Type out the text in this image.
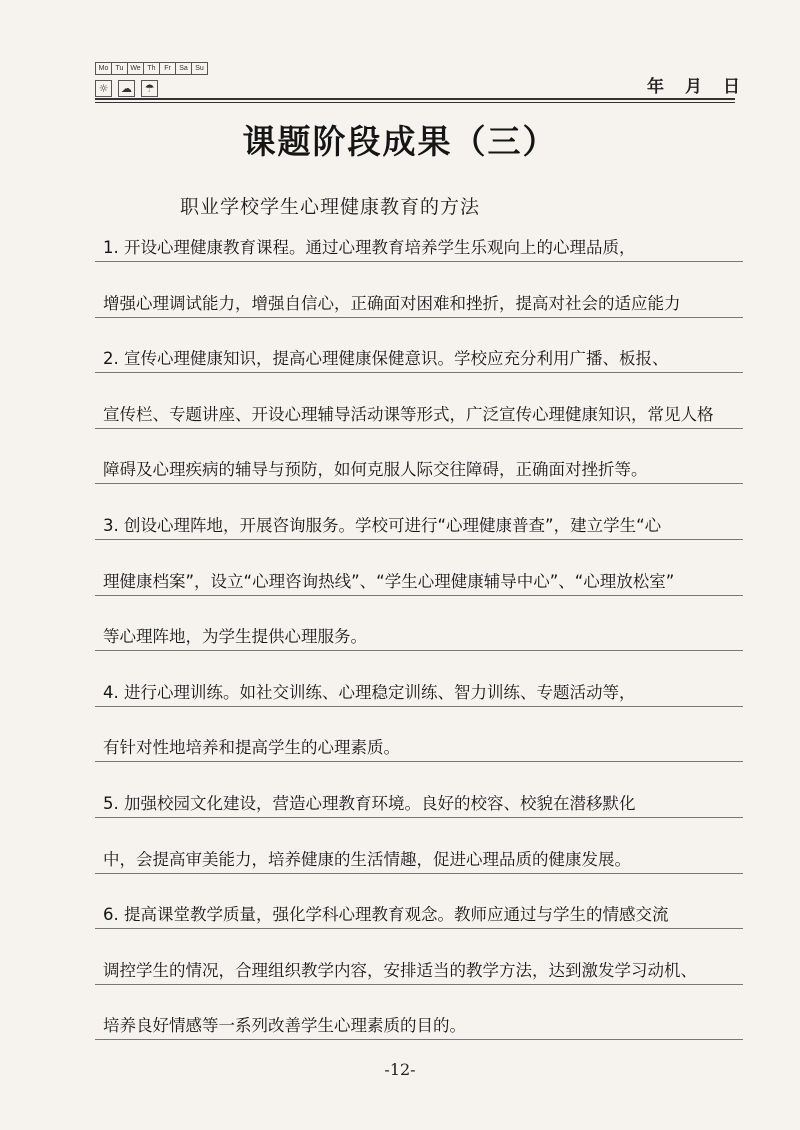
Mo	Tu We Th	Fr	Sa	Su
☼	☁	☂	年　月　日
课题阶段成果（三）
职业学校学生心理健康教育的方法
1. 开设心理健康教育课程。通过心理教育培养学生乐观向上的心理品质，
增强心理调试能力，增强自信心，正确面对困难和挫折，提高对社会的适应能力
2. 宣传心理健康知识，提高心理健康保健意识。学校应充分利用广播、板报、
宣传栏、专题讲座、开设心理辅导活动课等形式，广泛宣传心理健康知识，常见人格
障碍及心理疾病的辅导与预防，如何克服人际交往障碍，正确面对挫折等。
3. 创设心理阵地，开展咨询服务。学校可进行“心理健康普查”，建立学生“心
理健康档案”，设立“心理咨询热线”、“学生心理健康辅导中心”、“心理放松室”
等心理阵地，为学生提供心理服务。
4. 进行心理训练。如社交训练、心理稳定训练、智力训练、专题活动等，
有针对性地培养和提高学生的心理素质。
5. 加强校园文化建设，营造心理教育环境。良好的校容、校貌在潜移默化
中，会提高审美能力，培养健康的生活情趣，促进心理品质的健康发展。
6. 提高课堂教学质量，强化学科心理教育观念。教师应通过与学生的情感交流
调控学生的情况，合理组织教学内容，安排适当的教学方法，达到激发学习动机、
培养良好情感等一系列改善学生心理素质的目的。
-12-
